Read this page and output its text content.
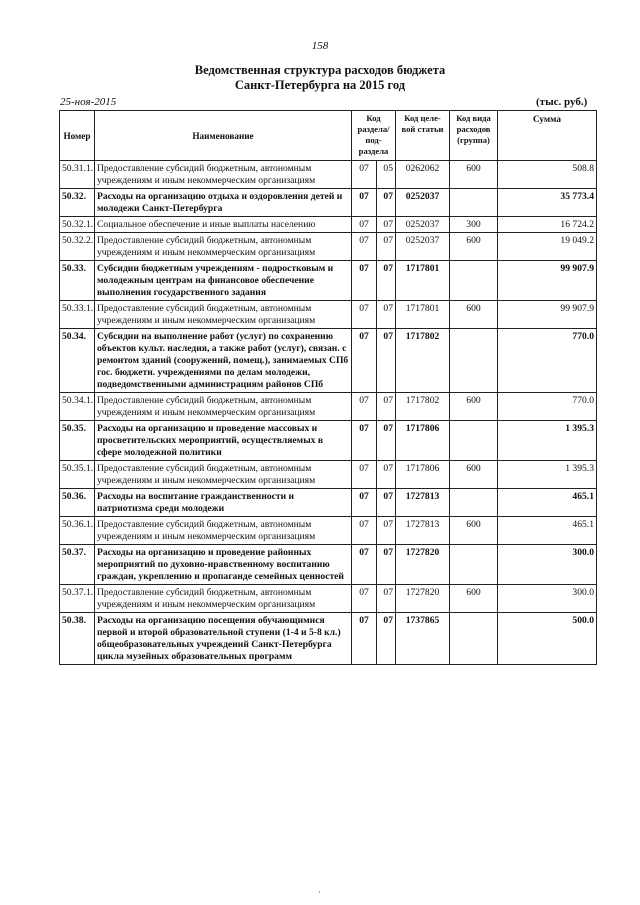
158
Ведомственная структура расходов бюджета
Санкт-Петербурга на 2015 год
25-ноя-2015	(тыс. руб.)
Номер	Наименование	Код раздела/ под- раздела		Код целе- вой статьи	Код вида расходов (группа)	Сумма
50.31.1.	Предоставление субсидий бюджетным, автономным учреждениям и иным некоммерческим организациям	07	05	0262062	600	508.8
50.32.	Расходы на организацию отдыха и оздоровления детей и молодежи Санкт-Петербурга	07	07	0252037		35 773.4
50.32.1.	Социальное обеспечение и иные выплаты населению	07	07	0252037	300	16 724.2
50.32.2.	Предоставление субсидий бюджетным, автономным учреждениям и иным некоммерческим организациям	07	07	0252037	600	19 049.2
50.33.	Субсидии бюджетным учреждениям - подростковым и молодежным центрам на финансовое обеспечение выполнения государственного задания	07	07	1717801		99 907.9
50.33.1.	Предоставление субсидий бюджетным, автономным учреждениям и иным некоммерческим организациям	07	07	1717801	600	99 907.9
50.34.	Субсидии на выполнение работ (услуг) по сохранению объектов культ. наследия, а также работ (услуг), связан. с ремонтом зданий (сооружений, помещ.), занимаемых СПб гос. бюджетн. учреждениями по делам молодежи, подведомственными администрациям районов СПб	07	07	1717802		770.0
50.34.1.	Предоставление субсидий бюджетным, автономным учреждениям и иным некоммерческим организациям	07	07	1717802	600	770.0
50.35.	Расходы на организацию и проведение массовых и просветительских мероприятий, осуществляемых в сфере молодежной политики	07	07	1717806		1 395.3
50.35.1.	Предоставление субсидий бюджетным, автономным учреждениям и иным некоммерческим организациям	07	07	1717806	600	1 395.3
50.36.	Расходы на воспитание гражданственности и патриотизма среди молодежи	07	07	1727813		465.1
50.36.1.	Предоставление субсидий бюджетным, автономным учреждениям и иным некоммерческим организациям	07	07	1727813	600	465.1
50.37.	Расходы на организацию и проведение районных мероприятий по духовно-нравственному воспитанию граждан, укреплению и пропаганде семейных ценностей	07	07	1727820		300.0
50.37.1.	Предоставление субсидий бюджетным, автономным учреждениям и иным некоммерческим организациям	07	07	1727820	600	300.0
50.38.	Расходы на организацию посещения обучающимися первой и второй образовательной ступени (1-4 и 5-8 кл.) общеобразовательных учреждений Санкт-Петербурга цикла музейных образовательных программ	07	07	1737865		500.0
·
